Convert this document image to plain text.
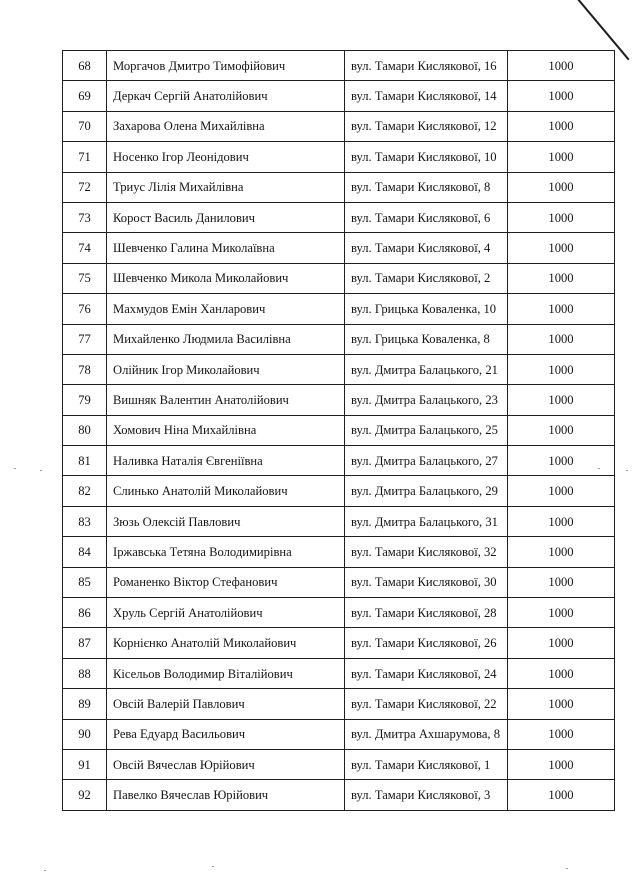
68	Моргачов Дмитро Тимофійович	вул. Тамари Кислякової, 16	1000
69	Деркач Сергій Анатолійович	вул. Тамари Кислякової, 14	1000
70	Захарова Олена Михайлівна	вул. Тамари Кислякової, 12	1000
71	Носенко Ігор Леонідович	вул. Тамари Кислякової, 10	1000
72	Триус Лілія Михайлівна	вул. Тамари Кислякової, 8	1000
73	Корост Василь Данилович	вул. Тамари Кислякової, 6	1000
74	Шевченко Галина Миколаївна	вул. Тамари Кислякової, 4	1000
75	Шевченко Микола Миколайович	вул. Тамари Кислякової, 2	1000
76	Махмудов Емін Ханларович	вул. Грицька Коваленка, 10	1000
77	Михайленко Людмила Василівна	вул. Грицька Коваленка, 8	1000
78	Олійник Ігор Миколайович	вул. Дмитра Балацького, 21	1000
79	Вишняк Валентин Анатолійович	вул. Дмитра Балацького, 23	1000
80	Хомович Ніна Михайлівна	вул. Дмитра Балацького, 25	1000
81	Наливка Наталія Євгеніївна	вул. Дмитра Балацького, 27	1000
82	Слинько Анатолій Миколайович	вул. Дмитра Балацького, 29	1000
83	Зюзь Олексій Павлович	вул. Дмитра Балацького, 31	1000
84	Іржавська Тетяна Володимирівна	вул. Тамари Кислякової, 32	1000
85	Романенко Віктор Стефанович	вул. Тамари Кислякової, 30	1000
86	Хруль Сергій Анатолійович	вул. Тамари Кислякової, 28	1000
87	Корнієнко Анатолій Миколайович	вул. Тамари Кислякової, 26	1000
88	Кісельов Володимир Віталійович	вул. Тамари Кислякової, 24	1000
89	Овсій Валерій Павлович	вул. Тамари Кислякової, 22	1000
90	Рева Едуард Васильович	вул. Дмитра Ахшарумова, 8	1000
91	Овсій Вячеслав Юрійович	вул. Тамари Кислякової, 1	1000
92	Павелко Вячеслав Юрійович	вул. Тамари Кислякової, 3	1000
